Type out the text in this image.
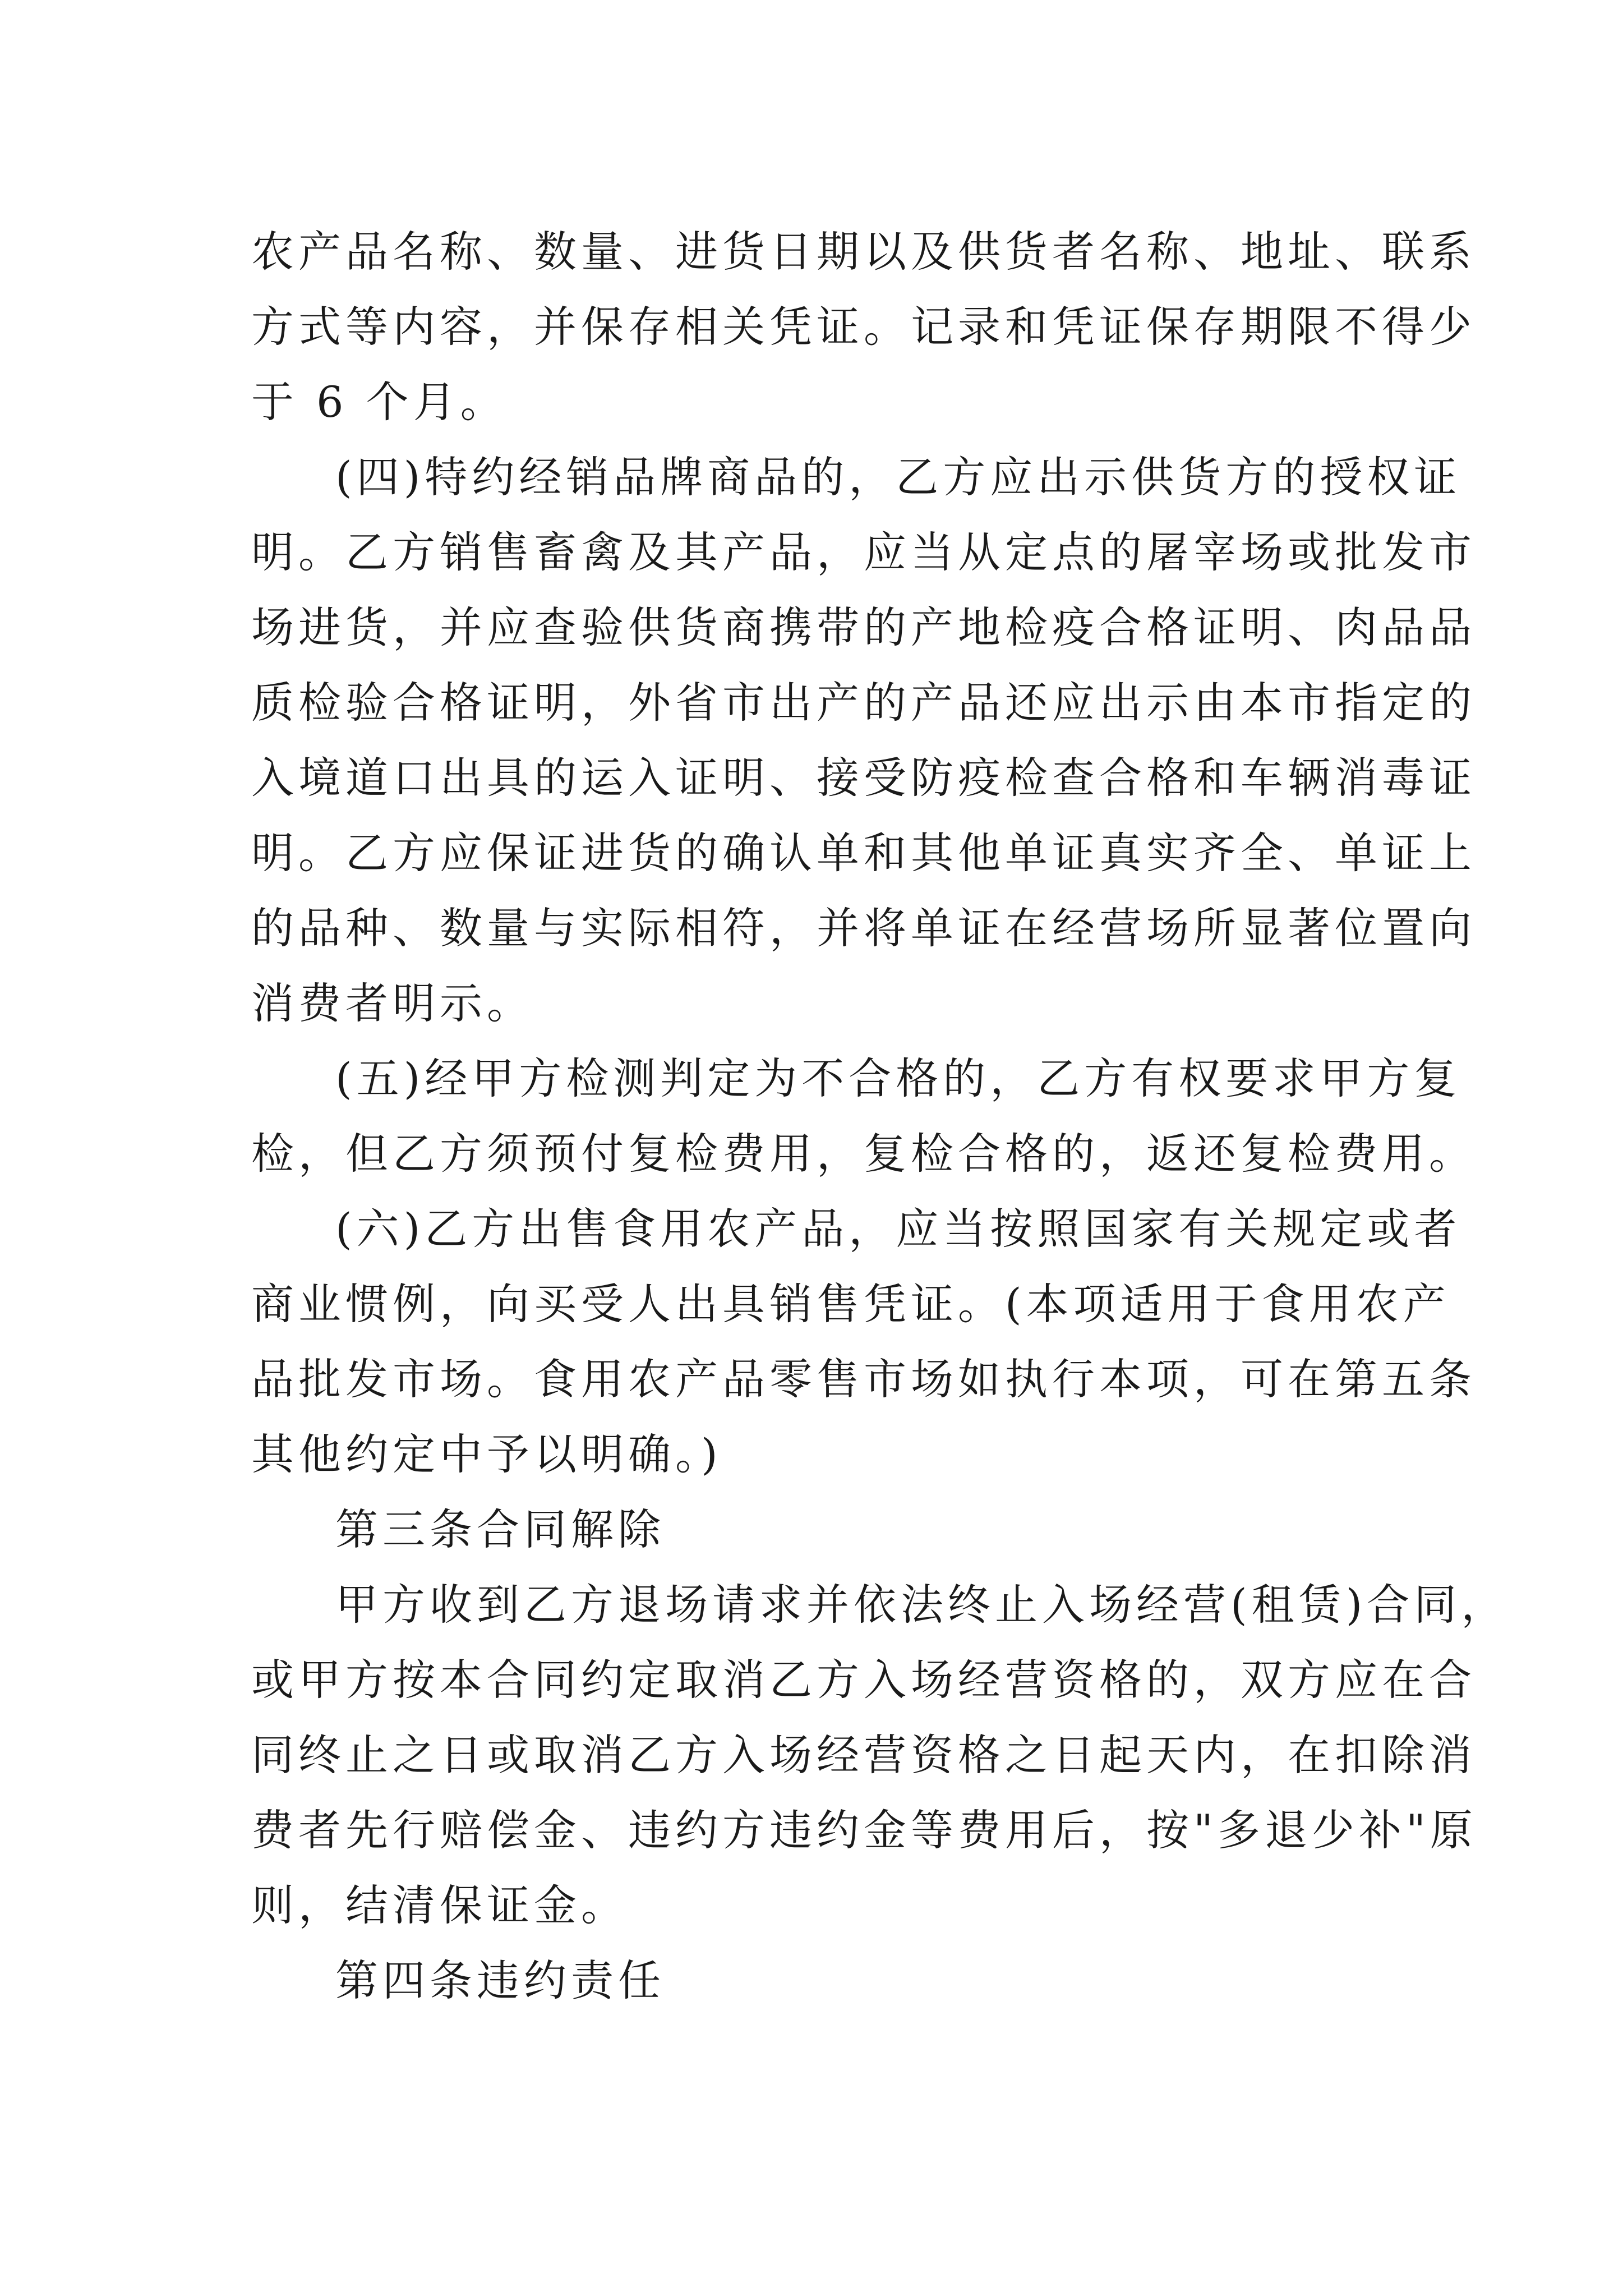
农产品名称、数量、进货日期以及供货者名称、地址、联系
方式等内容，并保存相关凭证。记录和凭证保存期限不得少
于 6 个月。
(四)特约经销品牌商品的，乙方应出示供货方的授权证
明。乙方销售畜禽及其产品，应当从定点的屠宰场或批发市
场进货，并应查验供货商携带的产地检疫合格证明、肉品品
质检验合格证明，外省市出产的产品还应出示由本市指定的
入境道口出具的运入证明、接受防疫检查合格和车辆消毒证
明。乙方应保证进货的确认单和其他单证真实齐全、单证上
的品种、数量与实际相符，并将单证在经营场所显著位置向
消费者明示。
(五)经甲方检测判定为不合格的，乙方有权要求甲方复
检，但乙方须预付复检费用，复检合格的，返还复检费用。
(六)乙方出售食用农产品，应当按照国家有关规定或者
商业惯例，向买受人出具销售凭证。(本项适用于食用农产
品批发市场。食用农产品零售市场如执行本项，可在第五条
其他约定中予以明确。)
第三条合同解除
甲方收到乙方退场请求并依法终止入场经营(租赁)合同，
或甲方按本合同约定取消乙方入场经营资格的，双方应在合
同终止之日或取消乙方入场经营资格之日起天内，在扣除消
费者先行赔偿金、违约方违约金等费用后，按"多退少补"原
则，结清保证金。
第四条违约责任
